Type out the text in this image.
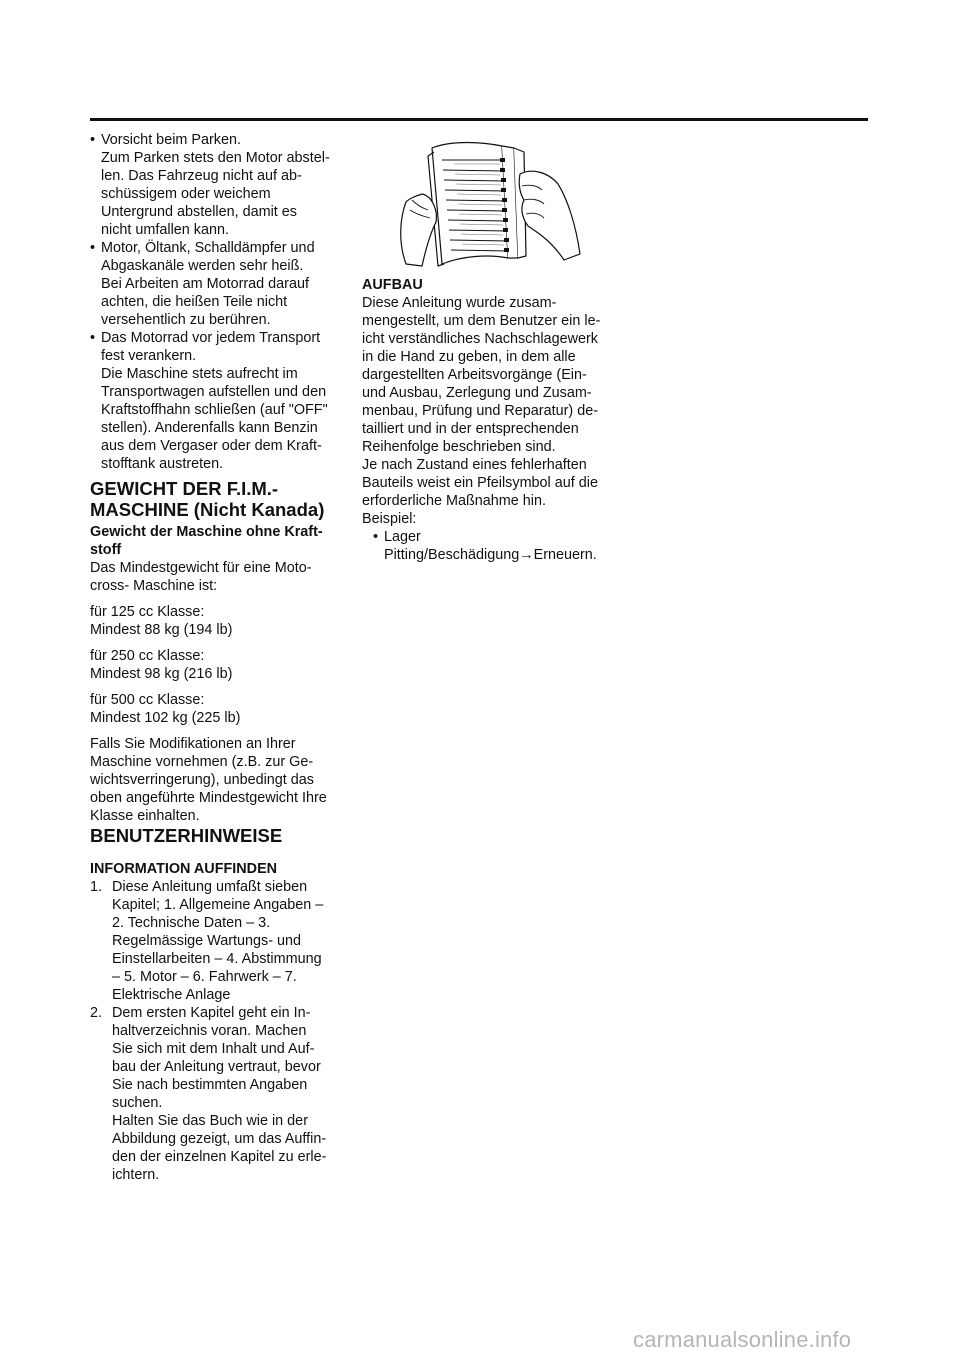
• Vorsicht beim Parken.
Zum Parken stets den Motor abstel-
len. Das Fahrzeug nicht auf ab-
schüssigem oder weichem
Untergrund abstellen, damit es
nicht umfallen kann.
• Motor, Öltank, Schalldämpfer und
Abgaskanäle werden sehr heiß.
Bei Arbeiten am Motorrad darauf
achten, die heißen Teile nicht
versehentlich zu berühren.
• Das Motorrad vor jedem Transport
fest verankern.
Die Maschine stets aufrecht im
Transportwagen aufstellen und den
Kraftstoffhahn schließen (auf "OFF"
stellen). Anderenfalls kann Benzin
aus dem Vergaser oder dem Kraft-
stofftank austreten.
GEWICHT DER F.I.M.-
MASCHINE (Nicht Kanada)
Gewicht der Maschine ohne Kraft-
stoff
Das Mindestgewicht für eine Moto-
cross- Maschine ist:
für 125 cc Klasse:
Mindest 88 kg (194 lb)
für 250 cc Klasse:
Mindest 98 kg (216 lb)
für 500 cc Klasse:
Mindest 102 kg (225 lb)
Falls Sie Modifikationen an Ihrer
Maschine vornehmen (z.B. zur Ge-
wichtsverringerung), unbedingt das
oben angeführte Mindestgewicht Ihre
Klasse einhalten.
BENUTZERHINWEISE
INFORMATION AUFFINDEN
1. Diese Anleitung umfaßt sieben
Kapitel; 1. Allgemeine Angaben –
2. Technische Daten – 3.
Regelmässige Wartungs- und
Einstellarbeiten – 4. Abstimmung
– 5. Motor – 6. Fahrwerk – 7.
Elektrische Anlage
2. Dem ersten Kapitel geht ein In-
haltverzeichnis voran. Machen
Sie sich mit dem Inhalt und Auf-
bau der Anleitung vertraut, bevor
Sie nach bestimmten Angaben
suchen.
Halten Sie das Buch wie in der
Abbildung gezeigt, um das Auffin-
den der einzelnen Kapitel zu erle-
ichtern.
AUFBAU
Diese Anleitung wurde zusam-
mengestellt, um dem Benutzer ein le-
icht verständliches Nachschlagewerk
in die Hand zu geben, in dem alle
dargestellten Arbeitsvorgänge (Ein-
und Ausbau, Zerlegung und Zusam-
menbau, Prüfung und Reparatur) de-
tailliert und in der entsprechenden
Reihenfolge beschrieben sind.
Je nach Zustand eines fehlerhaften
Bauteils weist ein Pfeilsymbol auf die
erforderliche Maßnahme hin.
Beispiel:
• Lager
Pitting/Beschädigung→Erneuern.
carmanualsonline.info
